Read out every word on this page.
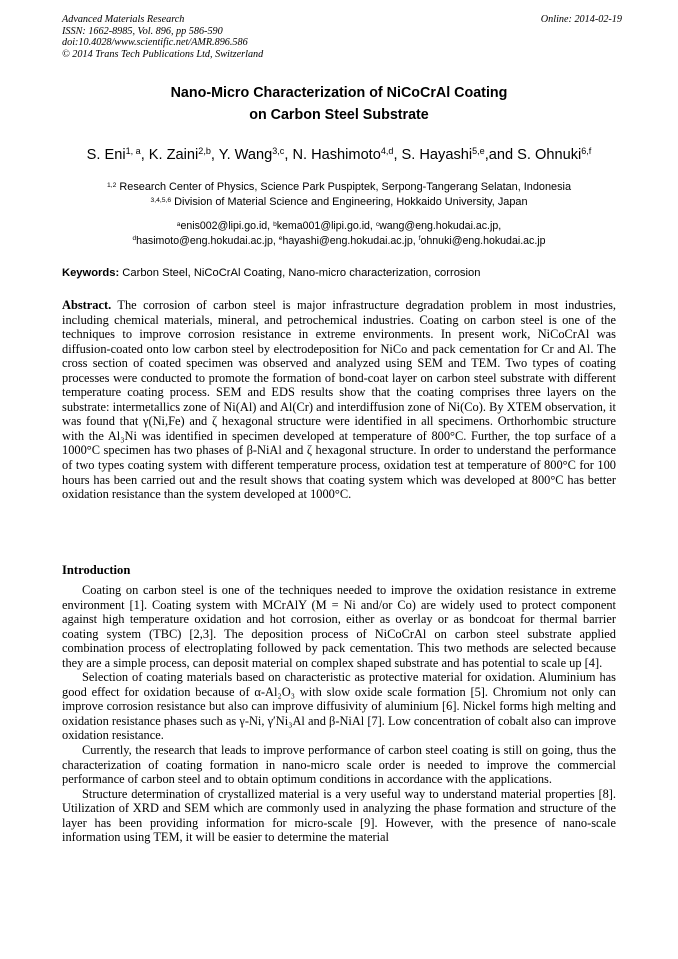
Advanced Materials Research
ISSN: 1662-8985, Vol. 896, pp 586-590
doi:10.4028/www.scientific.net/AMR.896.586
© 2014 Trans Tech Publications Ltd, Switzerland
Online: 2014-02-19
Nano-Micro Characterization of NiCoCrAl Coating
on Carbon Steel Substrate
S. Eni$^{1, a}$, K. Zaini$^{2,b}$, Y. Wang$^{3,c}$, N. Hashimoto$^{4,d}$, S. Hayashi$^{5,e}$,and S. Ohnuki$^{6,f}$
$^{1,2}$ Research Center of Physics, Science Park Puspiptek, Serpong-Tangerang Selatan, Indonesia
$^{3,4,5,6}$ Division of Material Science and Engineering, Hokkaido University, Japan
$^a$enis002@lipi.go.id, $^b$kema001@lipi.go.id, $^c$wang@eng.hokudai.ac.jp,
$^d$hasimoto@eng.hokudai.ac.jp, $^e$hayashi@eng.hokudai.ac.jp, $^f$ohnuki@eng.hokudai.ac.jp
Keywords: Carbon Steel, NiCoCrAl Coating, Nano-micro characterization, corrosion
Abstract. The corrosion of carbon steel is major infrastructure degradation problem in most industries, including chemical materials, mineral, and petrochemical industries. Coating on carbon steel is one of the techniques to improve corrosion resistance in extreme environments. In present work, NiCoCrAl was diffusion-coated onto low carbon steel by electrodeposition for NiCo and pack cementation for Cr and Al. The cross section of coated specimen was observed and analyzed using SEM and TEM. Two types of coating processes were conducted to promote the formation of bond-coat layer on carbon steel substrate with different temperature coating process. SEM and EDS results show that the coating comprises three layers on the substrate: intermetallics zone of Ni(Al) and Al(Cr) and interdiffusion zone of Ni(Co). By XTEM observation, it was found that γ(Ni,Fe) and ζ hexagonal structure were identified in all specimens. Orthorhombic structure with the Al₃Ni was identified in specimen developed at temperature of 800°C. Further, the top surface of a 1000°C specimen has two phases of β-NiAl and ζ hexagonal structure. In order to understand the performance of two types coating system with different temperature process, oxidation test at temperature of 800°C for 100 hours has been carried out and the result shows that coating system which was developed at 800°C has better oxidation resistance than the system developed at 1000°C.
Introduction

Coating on carbon steel is one of the techniques needed to improve the oxidation resistance in extreme environment [1]. Coating system with MCrAlY (M = Ni and/or Co) are widely used to protect component against high temperature oxidation and hot corrosion, either as overlay or as bondcoat for thermal barrier coating system (TBC) [2,3]. The deposition process of NiCoCrAl on carbon steel substrate applied combination process of electroplating followed by pack cementation. This two methods are selected because they are a simple process, can deposit material on complex shaped substrate and has potential to scale up [4].

Selection of coating materials based on characteristic as protective material for oxidation. Aluminium has good effect for oxidation because of α-Al₂O₃ with slow oxide scale formation [5]. Chromium not only can improve corrosion resistance but also can improve diffusivity of aluminium [6]. Nickel forms high melting and oxidation resistance phases such as γ-Ni, γ′Ni₃Al and β-NiAl [7]. Low concentration of cobalt also can improve oxidation resistance.

Currently, the research that leads to improve performance of carbon steel coating is still on going, thus the characterization of coating formation in nano-micro scale order is needed to improve the commercial performance of carbon steel and to obtain optimum conditions in accordance with the applications.

Structure determination of crystallized material is a very useful way to understand material properties [8]. Utilization of XRD and SEM which are commonly used in analyzing the phase formation and structure of the layer has been providing information for micro-scale [9]. However, with the presence of nano-scale information using TEM, it will be easier to determine the material
